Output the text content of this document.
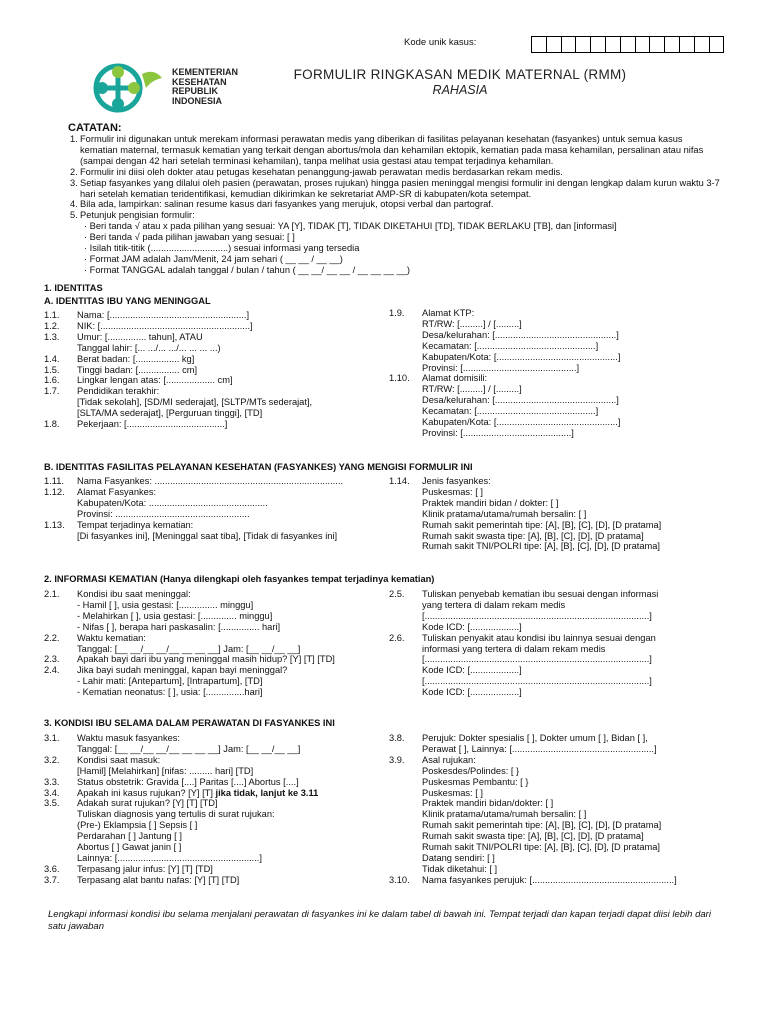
Kode unik kasus:
KEMENTERIAN
KESEHATAN
REPUBLIK
INDONESIA
FORMULIR RINGKASAN MEDIK MATERNAL (RMM)
RAHASIA
CATATAN:
1. Formulir ini digunakan untuk merekam informasi perawatan medis yang diberikan di fasilitas pelayanan kesehatan (fasyankes) untuk semua kasus kematian maternal, termasuk kematian yang terkait dengan abortus/mola dan kehamilan ektopik, kematian pada masa kehamilan, persalinan atau nifas (sampai dengan 42 hari setelah terminasi kehamilan), tanpa melihat usia gestasi atau tempat terjadinya kehamilan.
2. Formulir ini diisi oleh dokter atau petugas kesehatan penanggung-jawab perawatan medis berdasarkan rekam medis.
3. Setiap fasyankes yang dilalui oleh pasien (perawatan, proses rujukan) hingga pasien meninggal mengisi formulir ini dengan lengkap dalam kurun waktu 3-7 hari setelah kematian teridentifikasi, kemudian dikirimkan ke sekretariat AMP-SR di kabupaten/kota setempat.
4. Bila ada, lampirkan: salinan resume kasus dari fasyankes yang merujuk, otopsi verbal dan partograf.
5. Petunjuk pengisian formulir:
· Beri tanda √ atau x pada pilihan yang sesuai: YA [Y], TIDAK [T], TIDAK DIKETAHUI [TD], TIDAK BERLAKU [TB], dan [informasi]
· Beri tanda √ pada pilihan jawaban yang sesuai: [ ]
· Isilah titik-titik (..............................) sesuai informasi yang tersedia
· Format JAM adalah Jam/Menit, 24 jam sehari ( __ __ / __ __)
· Format TANGGAL adalah tanggal / bulan / tahun ( __ __/ __ __ / __ __ __ __)
1. IDENTITAS
A. IDENTITAS IBU YANG MENINGGAL
1.1.	Nama: [.....................................................]
1.2.	NIK: [..........................................................]
1.3.	Umur: [............... tahun], ATAU
Tanggal lahir: [... .../... .../... ... ... ...)
1.4.	Berat badan: [................. kg]
1.5.	Tinggi badan: [................ cm]
1.6.	Lingkar lengan atas: [................... cm]
1.7.	Pendidikan terakhir:
[Tidak sekolah], [SD/MI sederajat], [SLTP/MTs sederajat],
[SLTA/MA sederajat], [Perguruan tinggi], [TD]
1.8.	Pekerjaan: [......................................]
1.9.	Alamat KTP:
RT/RW: [.........] / [.........]
Desa/kelurahan: [...............................................]
Kecamatan: [..............................................]
Kabupaten/Kota: [...............................................]
Provinsi: [............................................]
1.10.	Alamat domisili:
RT/RW: [.........] / [.........]
Desa/kelurahan: [...............................................]
Kecamatan: [..............................................]
Kabupaten/Kota: [...............................................]
Provinsi: [..........................................]
B. IDENTITAS FASILITAS PELAYANAN KESEHATAN (FASYANKES) YANG MENGISI FORMULIR INI
1.11.	Nama Fasyankes: .........................................................................
1.12.	Alamat Fasyankes:
Kabupaten/Kota: ..............................................
Provinsi: ....................................................
1.13.	Tempat terjadinya kematian:
[Di fasyankes ini], [Meninggal saat tiba], [Tidak di fasyankes ini]
1.14.	Jenis fasyankes:
Puskesmas: [ ]
Praktek mandiri bidan / dokter: [ ]
Klinik pratama/utama/rumah bersalin: [ ]
Rumah sakit pemerintah tipe: [A], [B], [C], [D], [D pratama]
Rumah sakit swasta tipe: [A], [B], [C], [D], [D pratama]
Rumah sakit TNI/POLRI tipe: [A], [B], [C], [D], [D pratama]
2. INFORMASI KEMATIAN (Hanya dilengkapi oleh fasyankes tempat terjadinya kematian)
2.1.	Kondisi ibu saat meninggal:
- Hamil [ ], usia gestasi: [............... minggu]
- Melahirkan [ ], usia gestasi: [.............. minggu]
- Nifas [ ], berapa hari paskasalin: [............... hari]
2.2.	Waktu kematian:
Tanggal: [__ __/__ __/__ __ __ __] Jam: [__ __/__ __]
2.3.	Apakah bayi dari ibu yang meninggal masih hidup? [Y] [T] [TD]
2.4.	Jika bayi sudah meninggal, kapan bayi meninggal?
- Lahir mati: [Antepartum], [Intrapartum], [TD]
- Kematian neonatus: [ ], usia: [...............hari]
2.5.	Tuliskan penyebab kematian ibu sesuai dengan informasi
yang tertera di dalam rekam medis
[.......................................................................................]
Kode ICD: [...................]
2.6.	Tuliskan penyakit atau kondisi ibu lainnya sesuai dengan
informasi yang tertera di dalam rekam medis
[.......................................................................................]
Kode ICD: [...................]
[.......................................................................................]
Kode ICD: [...................]
3. KONDISI IBU SELAMA DALAM PERAWATAN DI FASYANKES INI
3.1.	Waktu masuk fasyankes:
Tanggal: [__ __/__ __/__ __ __ __] Jam: [__ __/__ __]
3.2.	Kondisi saat masuk:
[Hamil] [Melahirkan] [nifas: ......... hari] [TD]
3.3.	Status obstetrik: Gravida [....] Paritas [....] Abortus [....]
3.4.	Apakah ini kasus rujukan? [Y] [T] jika tidak, lanjut ke 3.11
3.5.	Adakah surat rujukan? [Y] [T] [TD]
Tuliskan diagnosis yang tertulis di surat rujukan:
(Pre-) Eklampsia [ ] Sepsis [ ]
Perdarahan [ ] Jantung [ ]
Abortus [ ] Gawat janin [ ]
Lainnya: [.......................................................]
3.6.	Terpasang jalur infus: [Y] [T] [TD]
3.7.	Terpasang alat bantu nafas: [Y] [T] [TD]
3.8.	Perujuk: Dokter spesialis [ ], Dokter umum [ ], Bidan [ ],
Perawat [ ], Lainnya: [.......................................................]
3.9.	Asal rujukan:
Poskesdes/Polindes: [ }
Puskesmas Pembantu: [ }
Puskesmas: [ ]
Praktek mandiri bidan/dokter: [ ]
Klinik pratama/utama/rumah bersalin: [ ]
Rumah sakit pemerintah tipe: [A], [B], [C], [D], [D pratama]
Rumah sakit swasta tipe: [A], [B], [C], [D], [D pratama]
Rumah sakit TNI/POLRI tipe: [A], [B], [C], [D], [D pratama]
Datang sendiri: [ ]
Tidak diketahui: [ ]
3.10.	Nama fasyankes perujuk: [.......................................................]
Lengkapi informasi kondisi ibu selama menjalani perawatan di fasyankes ini ke dalam tabel di bawah ini. Tempat terjadi dan kapan terjadi dapat diisi lebih dari satu jawaban
